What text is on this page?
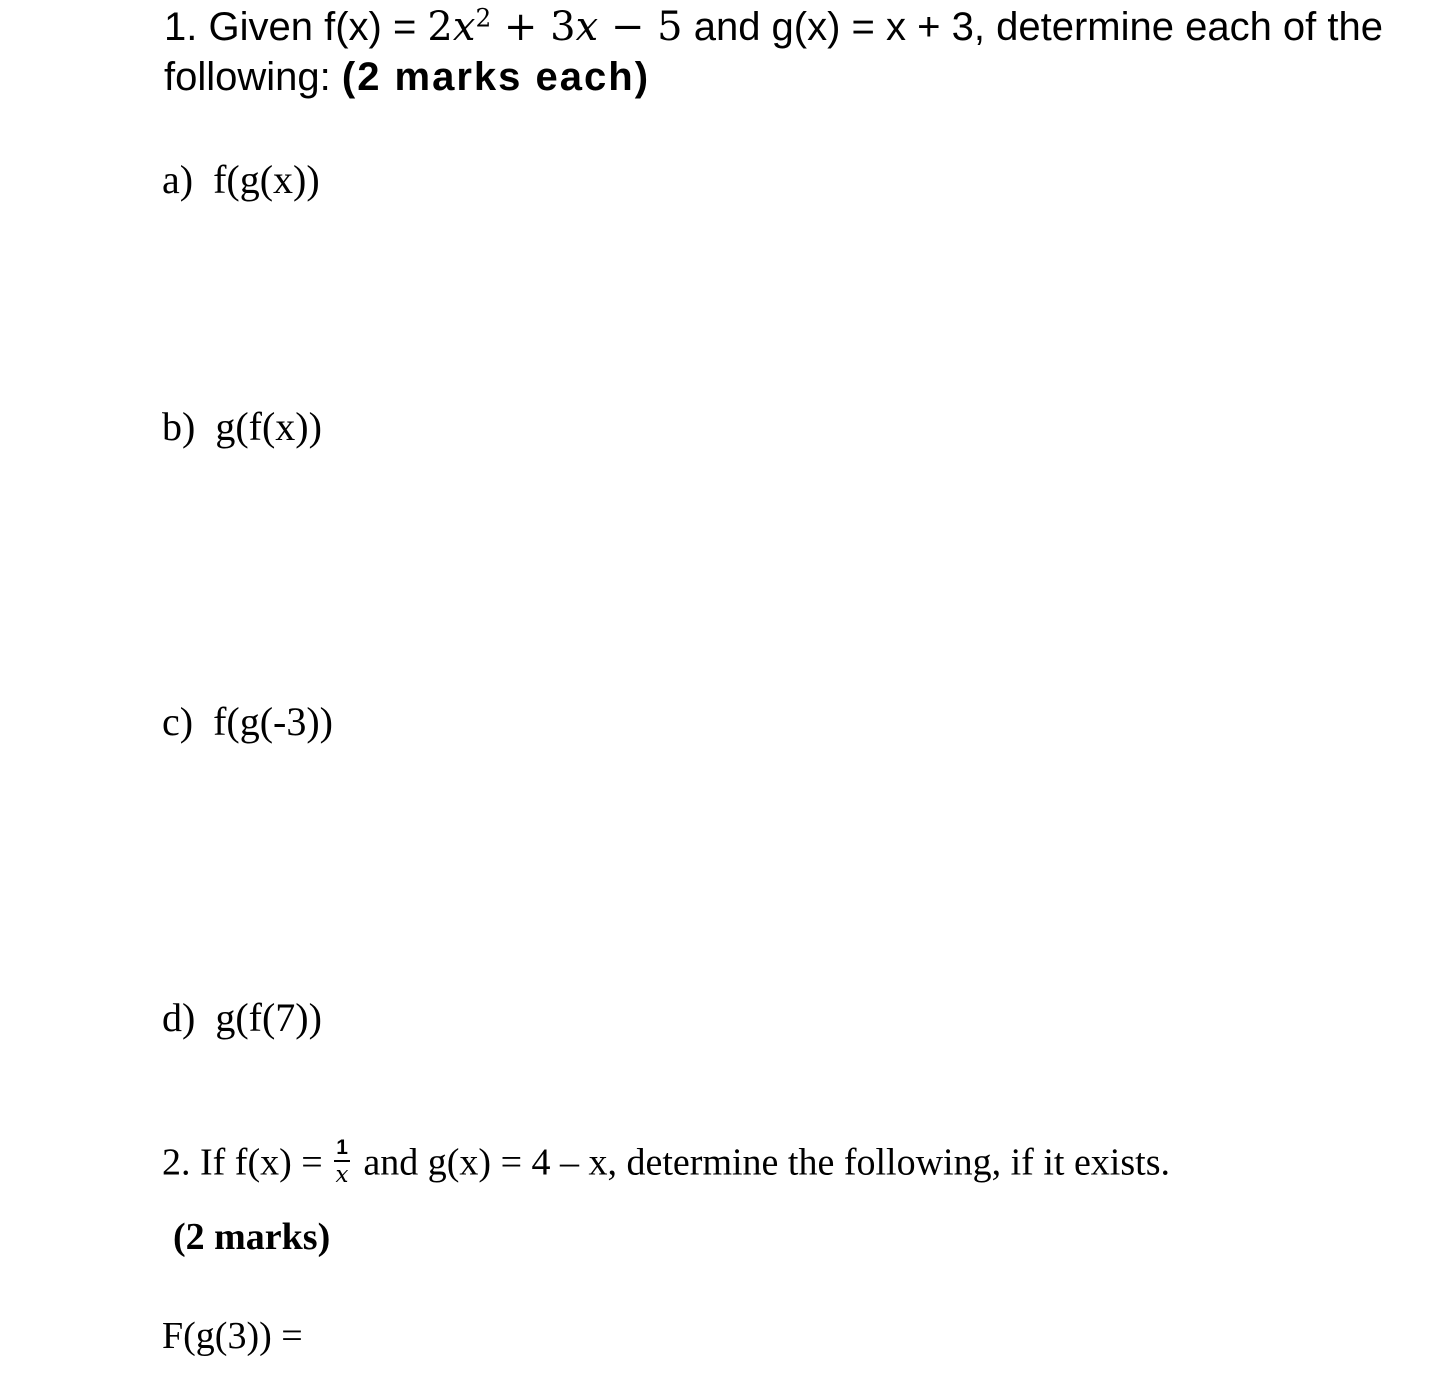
1. Given $f(x) = 2x^2 + 3x - 5$ and g(x) = x + 3, determine each of the
following: (2 marks each)
a) f(g(x))
b) g(f(x))
c) f(g(-3))
d) g(f(7))
2. If $f(x) = \frac{1}{x}$ and g(x) = 4 – x, determine the following, if it exists.
(2 marks)
F(g(3)) =
